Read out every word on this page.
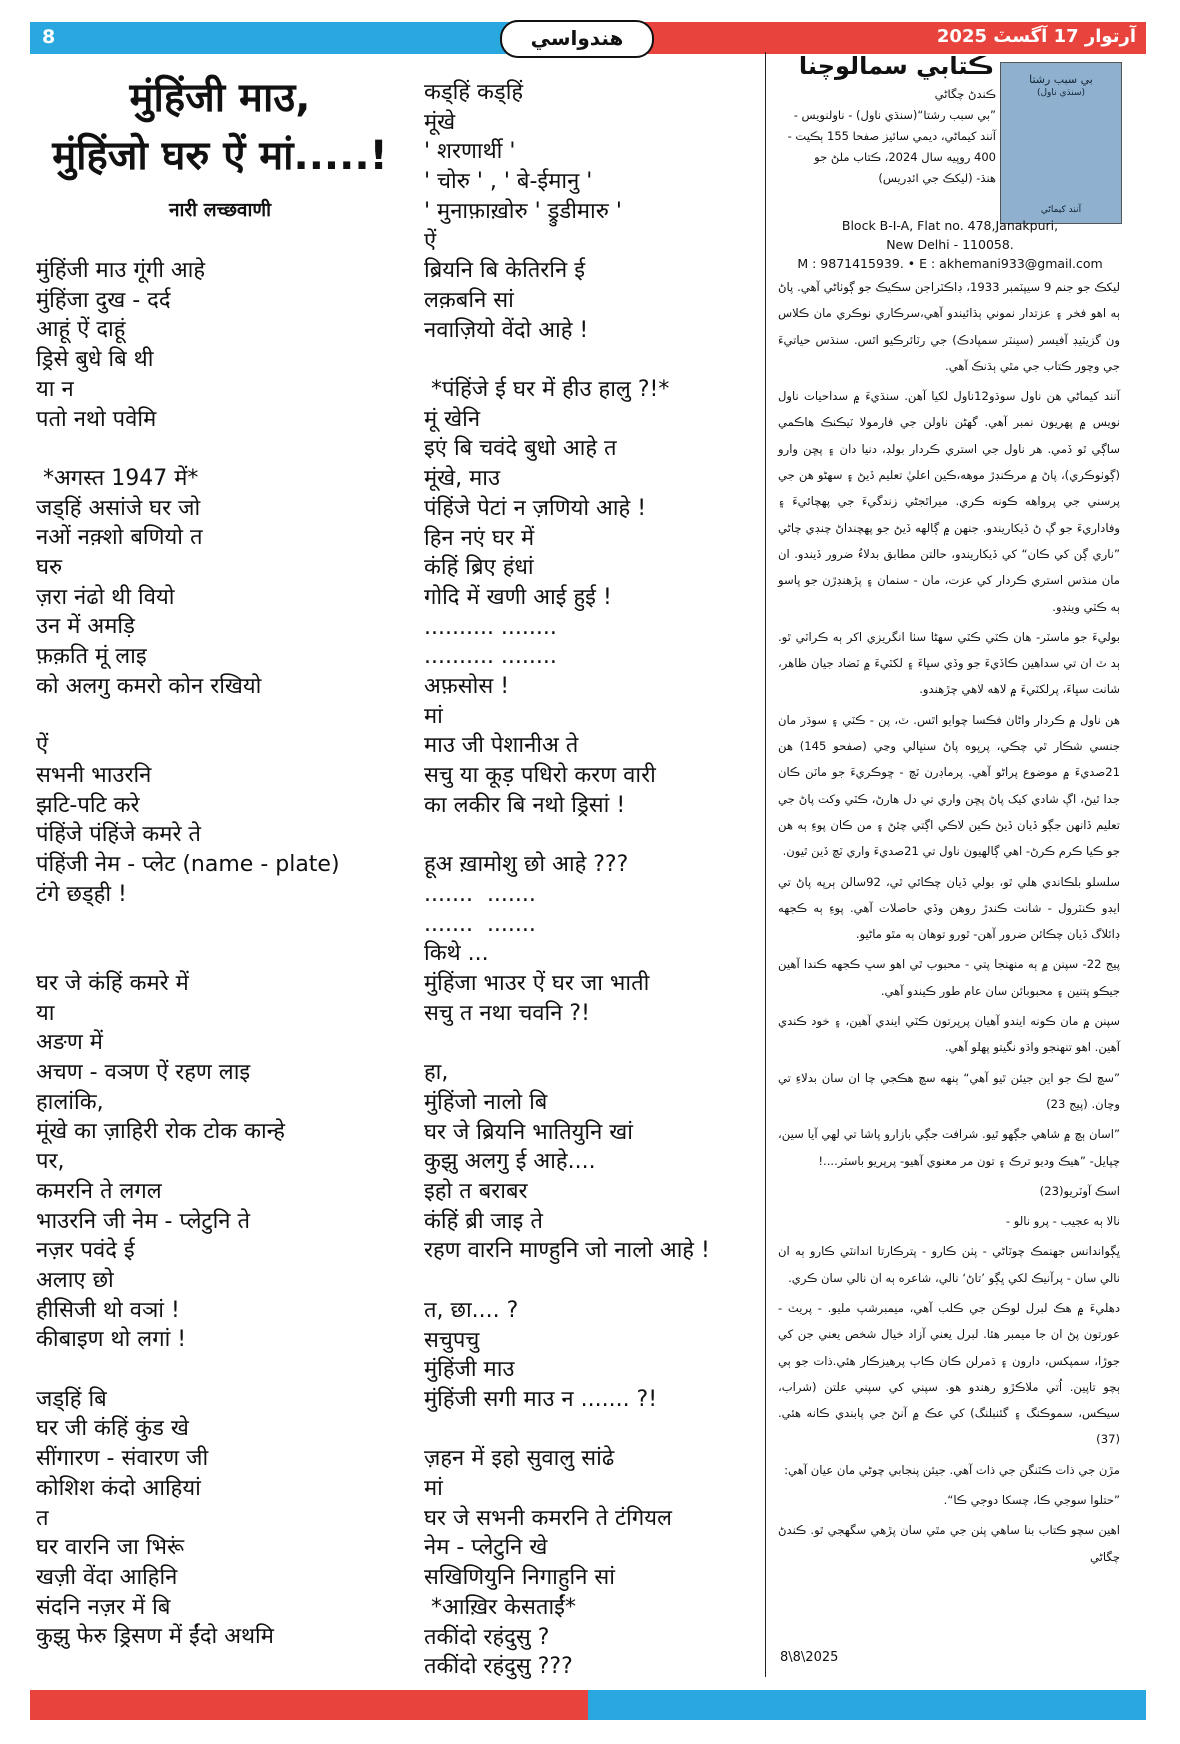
8	هندواسي	آرتوار 17 آگسٽ 2025
मुंहिंजी माउ,
मुंहिंजो घरु ऐं मां.....!
नारी लच्छवाणी
मुंहिंजी माउ गूंगी आहे
मुंहिंजा दुख - दर्द
आहूं ऐं दाहूं
ड्रिसे बुधे बि थी
या न
पतो नथो पवेमि

*अगस्त 1947 में*
जड्हिं असांजे घर जो
नओं नक़्शो बणियो त
घरु
ज़रा नंढो थी वियो
उन में अमड़ि
फ़क़ति मूं लाइ
को अलगु कमरो कोन रखियो

ऐं
सभनी भाउरनि
झटि-पटि करे
पंहिंजे पंहिंजे कमरे ते
पंहिंजी नेम - प्लेट (name - plate)
टंगे छड्ही !

घर जे कंहिं कमरे में
या
अङण में
अचण - वञण ऐं रहण लाइ
हालांकि,
मूंखे का ज़ाहिरी रोक टोक कान्हे
पर,
कमरनि ते लगल
भाउरनि जी नेम - प्लेटुनि ते
नज़र पवंदे ई
अलाए छो
हीसिजी थो वञां !
कीबाइण थो लगां !

जड्हिं बि
घर जी कंहिं कुंड खे
सींगारण - संवारण जी
कोशिश कंदो आहियां
त
घर वारनि जा भिरूं
खज़ी वेंदा आहिनि
संदनि नज़र में बि
कुझु फेरु ड्रिसण में ईंदो अथमि
कड्हिं कड्हिं
मूंखे
' शरणार्थी '
' चोरु ' , ' बे-ईमानु '
' मुनाफ़ाख़ोरु ' ड्रुडीमारु '
ऐं
ब्रियनि बि केतिरनि ई
लक़बनि सां
नवाज़ियो वेंदो आहे !

*पंहिंजे ई घर में हीउ हालु ?!*
मूं खेनि
इएं बि चवंदे बुधो आहे त
मूंखे, माउ
पंहिंजे पेटां न ज़णियो आहे !
हिन नएं घर में
कंहिं ब्रिए हंधां
गोदि में खणी आई हुई !
.......... ........
.......... ........
अफ़सोस !
मां
माउ जी पेशानीअ ते
सचु या कूड़ पधिरो करण वारी
का लकीर बि नथो ड्रिसां !

हूअ ख़ामोशु छो आहे ???
.......  .......
.......  .......
किथे ...
मुंहिंजा भाउर ऐं घर जा भाती
सचु त नथा चवनि ?!

हा,
मुंहिंजो नालो बि
घर जे ब्रियनि भातियुनि खां
कुझु अलगु ई आहे....
इहो त बराबर
कंहिं ब्री जाइ ते
रहण वारनि माण्हुनि जो नालो आहे !

त, छा.... ?
सचुपचु
मुंहिंजी माउ
मुंहिंजी सगी माउ न ....... ?!

ज़हन में इहो सुवालु सांढे
मां
घर जे सभनी कमरनि ते टंगियल
नेम - प्लेटुनि खे
सखिणियुनि निगाहुनि सां
*आख़िर केसताईं*
तकींदो रहंदुसु ?
तकींदो रहंदुसु ???
ڪتابي سمالوچنا	بي سبب رشتا
(سنڌي ناول)
آنند کيماڻي

ڪندڻ چگاڻي

”بي سبب رشتا“(سنڌي ناول) - ناولنويس -

آنند کيماڻي، ديمي سائيز صفحا 155 ٻڪيت -

400 روپيه سال 2024، ڪتاب ملڻ جو

هنڌ- (ليکڪ جي ائڊريس)

Block B-I-A, Flat no. 478,Janakpuri,

New Delhi - 110058.

M : 9871415939. • E : akhemani933@gmail.com

ليکڪ جو جنم 9 سيپٽمبر 1933، ڊاڪٽراجن سڪيڪ جو ڳوٺاڻي آهي. پاڻ ٻه اهو فخر ۽ عزتدار نموني ٻڌائيندو آهي،سرڪاري نوڪري مان ڪلاس ون گزيٽيڊ آفيسر (سينٽر سمپادڪ) جي رٽائرڪيو اٿس. سنڌس حياتيءَ جي وچور ڪتاب جي مٿي ٻڌنڪ آهي.

آنند کيماڻي هن ناول سوڌو12ناول لکيا آهن. سنڌيءَ ۾ سداحيات ناول نويس ۾ پهريون نمبر آهي. گهڻن ناولن جي فارمولا ٽيڪنڪ هاڪمي ساڳي ٿو ڏمي. هر ناول جي استري ڪردار بولڊ، دنيا دان ۽ پڇن وارو (ڳوٺوڪري)، پاڻ ۾ مرڪنڊڙ موهه،ڪين اعليٰ تعليم ڏيڻ ۽ سهڻو هن جي پرسني جي پرواهه ڪونه ڪري. ميراٿجڻي زندگيءَ جي پهچائيءَ ۽ وفاداريءَ جو ڳ ڻ ڏيکاريندو. جنهن ۾ ڳالهه ڏيڻ جو پهچنداڻ چنڊي چاڻي ”ناري ڳن کي ڪان“ کي ڏيکاريندو، حالتن مطابق بدلاءُ ضرور ڏيندو. ان مان منڌس استري ڪردار کي عزت، مان - سنمان ۽ پڙهنڊڙن جو پاسو ٻه ڪٽي وينڊو.

بوليءَ جو ماسٽر- هان ڪٽي ڪٽي سهڻا سٺا انگريزي اکر ٻه ڪراٽي ٿو. ٻد ٽ ان تي سداهين ڪاڏيءَ جو وڏي سڀاءَ ۽ لکٽيءَ ۾ ٽضاد جيان ظاهر، شانت سڀاءَ، پرلکٽيءَ ۾ لاهه لاهي چڙهندو.

هن ناول ۾ ڪردار واڻان فڪسا چوايو اٿس. ٽ، پن - ڪٽي ۽ سوڌر مان جنسي شڪار ٿي چڪي، پرپوه پاڻ سنڀالي وڃي (صفحو 145) هن 21صديءَ ۾ موضوع پراڻو آهي. پرماڊرن ٽچ - ڇوڪريءَ جو ماٽن ڪان جدا ٿيڻ، اڳ شادي کيک پاڻ پڇن واري تي دل هارڻ، ڪٽي وکت پاڻ جي تعليم ڏانهن جڳو ڏيان ڏيڻ ڪين لاڪي اڳتي چئڻ ۽ من ڪان پوءِ ٻه هن جو ڪيا ڪرم ڪرڻ- اهي ڳالهيون ناول تي 21صديءَ واري ٽچ ڏين ٿيون.

سلسلو بلڪاندي هلي ٿو، بولي ڏيان چڪائي ٿي، 92سالن ٻرپه پاڻ تي ايڊو ڪنٽرول - شانت ڪندڙ روهن وڏي حاصلات آهي. پوءِ ٻه ڪجهه ڊائلاگ ڏيان چڪائن ضرور آهن- ٿورو توهان ٻه مٿو ماڻيو.

پيج 22- سپنن ۾ ٻه منهنجا پتي - محبوب ٿي اهو سڀ ڪجهه ڪندا آهين جيڪو پتنين ۽ محبوبائن سان عام طور ڪيندو آهي.

سپنن ۾ مان ڪونه ايندو آهيان پرپرتون ڪٽي ايندي آهين، ۽ خود ڪندي آهين. اهو تنهنجو واڌو نگيتو پهلو آهي.

”سچ لڪ جو اين جيئن ٿيو آهي“ ٻنهه سچ هڪجي چا ان سان بدلاءِ تي وچان. (پيج 23)

”اسان ٻچ ۾ شاهي جڳهو ٿيو. شرافت جڳي بازارو پاشا تي لهي آيا سين، چپايل- ”هيڪ وديو ترڪ ۽ تون مر معنوي آهيو- پرپريو باسٽر....!

اسڪ آوٽريو(23)

نالا ٻه عجيب - پرو نالو -

ڀڳواندانس جهنمڪ چوٽاڻي - پٺن ڪارو - پترڪارتا اندانٽي ڪارو ٻه ان نالي سان - پرآنيڪ لکي ڀڳو ’تاڻ‘ نالي، شاعره ٻه ان نالي سان ڪري.

دهليءَ ۾ هڪ لبرل لوڪن جي ڪلب آهي، ميمبرشپ مليو. - پريٽ - عورتون پڻ ان جا ميمبر هئا. لبرل يعني آزاد خيال شخص يعني جن کي جوڙا، سمپکس، دارون ۽ ڌمرلن ڪان ڪاٻ پرهيزڪار هئي.ذات جو ٻي ٻچو تاپين. اُتي ملاڪڙو رهندو هو. سپني کي سپني علتن (شراب، سيڪس، سموڪنگ ۽ گئنبلنگ) کي عڪ ۾ آنڻ جي پابندي ڪانه هئي. (37)

مڙن جي ذات ڪٽنگن جي ذات آهي. جيئن پنجابي چوڻي مان عيان آهي:

”حتلوا سوجي ڪا، چسکا دوجي ڪا“.

اهين سچو ڪتاب بنا ساهي پٺن جي مٿي سان پڙهي سگهجي ٿو. ڪندڻ چگاڻي

8\8\2025
